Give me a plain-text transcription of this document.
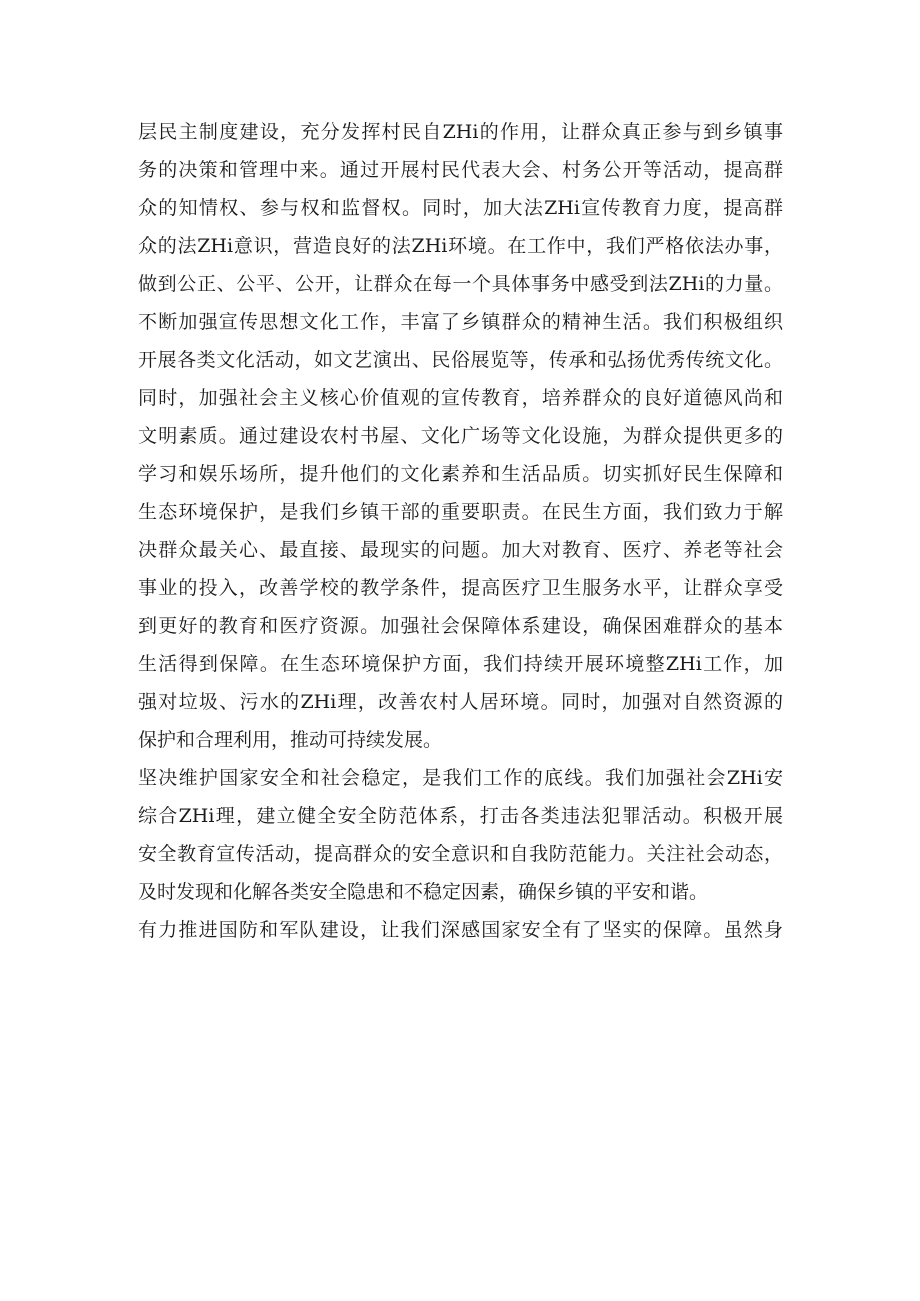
层民主制度建设，充分发挥村民自ZHi的作用，让群众真正参与到乡镇事
务的决策和管理中来。通过开展村民代表大会、村务公开等活动，提高群
众的知情权、参与权和监督权。同时，加大法ZHi宣传教育力度，提高群
众的法ZHi意识，营造良好的法ZHi环境。在工作中，我们严格依法办事，
做到公正、公平、公开，让群众在每一个具体事务中感受到法ZHi的力量。
不断加强宣传思想文化工作，丰富了乡镇群众的精神生活。我们积极组织
开展各类文化活动，如文艺演出、民俗展览等，传承和弘扬优秀传统文化。
同时，加强社会主义核心价值观的宣传教育，培养群众的良好道德风尚和
文明素质。通过建设农村书屋、文化广场等文化设施，为群众提供更多的
学习和娱乐场所，提升他们的文化素养和生活品质。切实抓好民生保障和
生态环境保护，是我们乡镇干部的重要职责。在民生方面，我们致力于解
决群众最关心、最直接、最现实的问题。加大对教育、医疗、养老等社会
事业的投入，改善学校的教学条件，提高医疗卫生服务水平，让群众享受
到更好的教育和医疗资源。加强社会保障体系建设，确保困难群众的基本
生活得到保障。在生态环境保护方面，我们持续开展环境整ZHi工作，加
强对垃圾、污水的ZHi理，改善农村人居环境。同时，加强对自然资源的
保护和合理利用，推动可持续发展。
坚决维护国家安全和社会稳定，是我们工作的底线。我们加强社会ZHi安
综合ZHi理，建立健全安全防范体系，打击各类违法犯罪活动。积极开展
安全教育宣传活动，提高群众的安全意识和自我防范能力。关注社会动态，
及时发现和化解各类安全隐患和不稳定因素，确保乡镇的平安和谐。
有力推进国防和军队建设，让我们深感国家安全有了坚实的保障。虽然身
